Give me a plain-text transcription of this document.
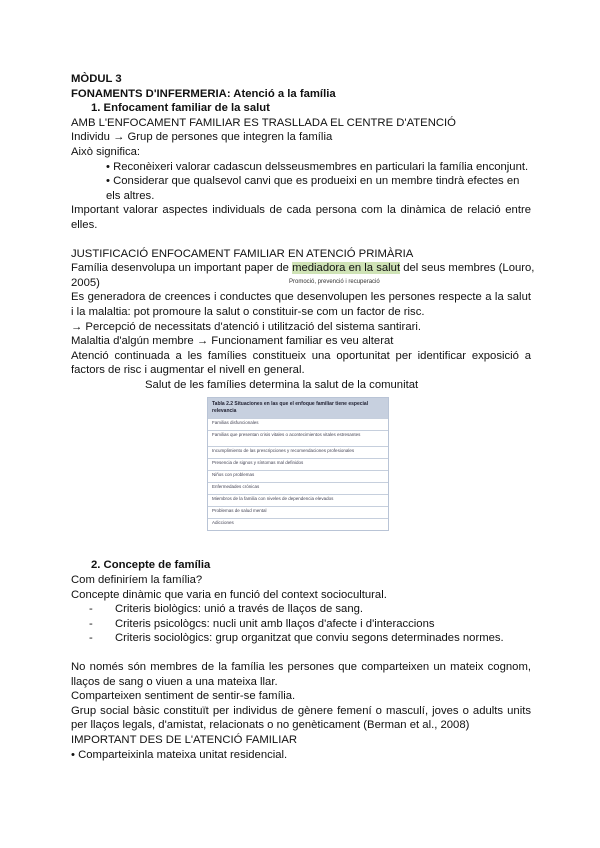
MÒDUL 3
FONAMENTS D'INFERMERIA: Atenció a la família
1. Enfocament familiar de la salut
AMB L'ENFOCAMENT FAMILIAR ES TRASLLADA EL CENTRE D'ATENCIÓ
Individu → Grup de persones que integren la família
Això significa:
• Reconèixeri valorar cadascun delsseusmembres en particulari la família enconjunt.
• Considerar que qualsevol canvi que es produeixi en un membre tindrà efectes en
els altres.
Important valorar aspectes individuals de cada persona com la dinàmica de relació entre elles.
JUSTIFICACIÓ ENFOCAMENT FAMILIAR EN ATENCIÓ PRIMÀRIA
Família desenvolupa un important paper de mediadora en la salut del seus membres (Louro,
2005)	Promoció, prevenció i recuperació
Es generadora de creences i conductes que desenvolupen les persones respecte a la salut i la malaltia: pot promoure la salut o constituir-se com un factor de risc.
→ Percepció de necessitats d'atenció i utilització del sistema santirari.
Malaltia d'algún membre → Funcionament familiar es veu alterat
Atenció continuada a les famílies constitueix una oportunitat per identificar exposició a factors de risc i augmentar el nivell en general.
Salut de les famílies determina la salut de la comunitat
Tabla 2.2 Situaciones en las que el enfoque familiar tiene especial relevancia
Familias disfuncionales
Familias que presentan crisis vitales o acontecimientos vitales estresantes
Incumplimiento de las prescripciones y recomendaciones profesionales
Presencia de signos y síntomas mal definidos
Niños con problemas
Enfermedades crónicas
Miembros de la familia con niveles de dependencia elevados
Problemas de salud mental
Adicciones
2. Concepte de família
Com definiríem la família?
Concepte dinàmic que varia en funció del context sociocultural.
- Criteris biològics: unió a través de llaços de sang.
- Criteris psicològcs: nucli unit amb llaços d'afecte i d'interaccions
- Criteris sociològics: grup organitzat que conviu segons determinades normes.
No només són membres de la família les persones que comparteixen un mateix cognom, llaços de sang o viuen a una mateixa llar.
Comparteixen sentiment de sentir-se família.
Grup social bàsic constituït per individus de gènere femení o masculí, joves o adults units per llaços legals, d'amistat, relacionats o no genèticament (Berman et al., 2008)
IMPORTANT DES DE L'ATENCIÓ FAMILIAR
• Comparteixinla mateixa unitat residencial.
